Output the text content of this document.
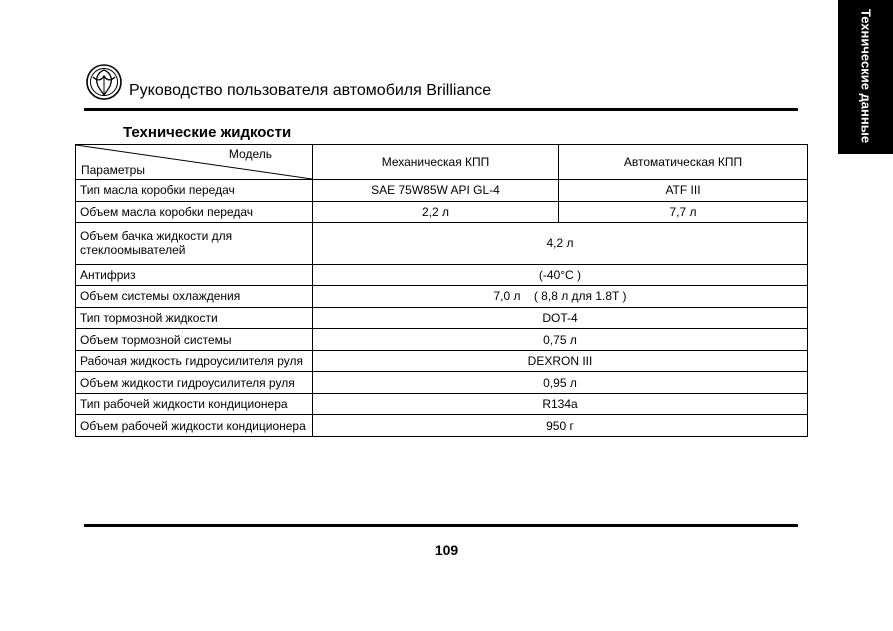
Технические данные
Руководство пользователя автомобиля Brilliance
Технические жидкости
Модель
Параметры	Механическая КПП	Автоматическая КПП
Тип масла коробки передач	SAE 75W85W API GL-4	ATF III
Объем масла коробки передач	2,2 л	7,7 л
Объем бачка жидкости для стеклоомывателей	4,2 л	
Антифриз	(-40°C )	
Объем системы охлаждения	7,0 л    ( 8,8 л для 1.8T )	
Тип тормозной жидкости	DOT-4	
Объем тормозной системы	0,75 л	
Рабочая жидкость гидроусилителя руля	DEXRON III	
Объем жидкости гидроусилителя руля	0,95 л	
Тип рабочей жидкости кондиционера	R134a	
Объем рабочей жидкости кондиционера	950 г	
109
